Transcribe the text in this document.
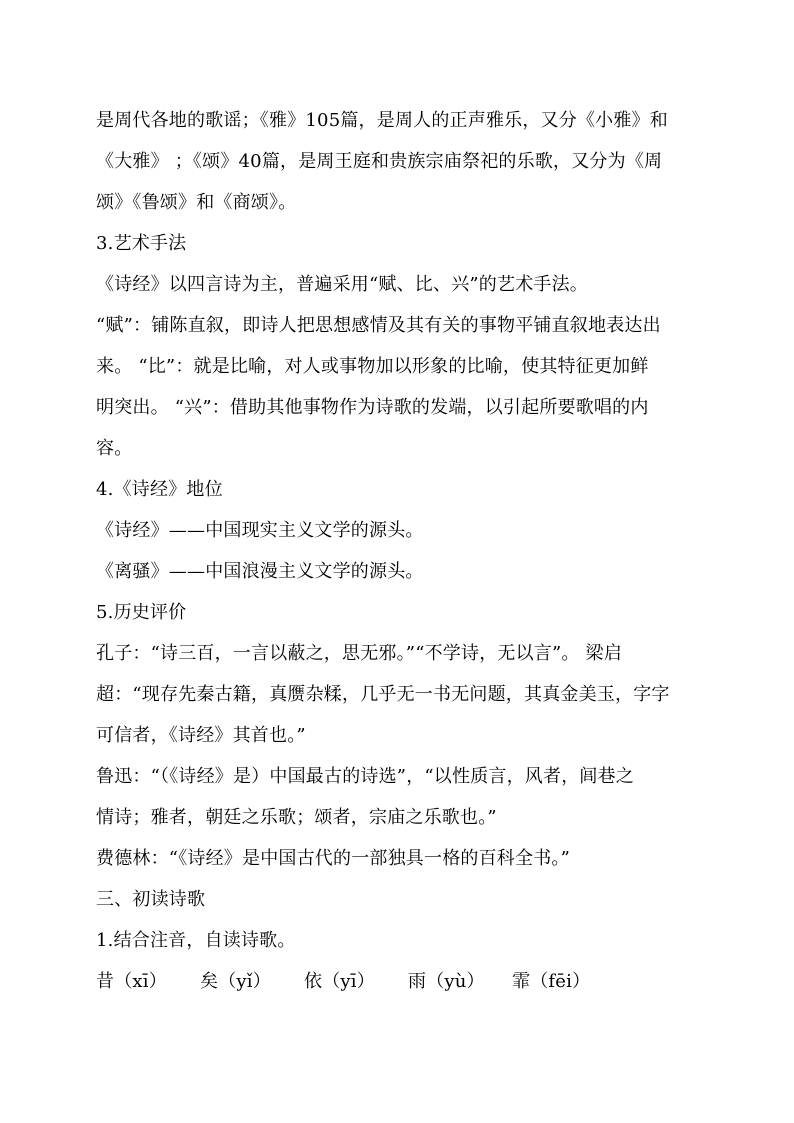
是周代各地的歌谣；《雅》105篇，是周人的正声雅乐，又分《小雅》和
《大雅》 ；《颂》40篇，是周王庭和贵族宗庙祭祀的乐歌，又分为《周
颂》《鲁颂》和《商颂》。
3.艺术手法
《诗经》以四言诗为主，普遍采用“赋、比、兴”的艺术手法。
“赋”：铺陈直叙，即诗人把思想感情及其有关的事物平铺直叙地表达出
来。 “比”：就是比喻，对人或事物加以形象的比喻，使其特征更加鲜
明突出。 “兴”：借助其他事物作为诗歌的发端，以引起所要歌唱的内
容。
4.《诗经》地位
《诗经》——中国现实主义文学的源头。
《离骚》——中国浪漫主义文学的源头。
5.历史评价
孔子：“诗三百，一言以蔽之，思无邪。”“不学诗，无以言”。 梁启
超：“现存先秦古籍，真赝杂糅，几乎无一书无问题，其真金美玉，字字
可信者，《诗经》其首也。”
鲁迅：“（《诗经》是）中国最古的诗选”，“以性质言，风者，闾巷之
情诗；雅者，朝廷之乐歌；颂者，宗庙之乐歌也。”
费德林：“《诗经》是中国古代的一部独具一格的百科全书。”
三、初读诗歌
1.结合注音，自读诗歌。
昔（xī）	矣（yǐ）	依（yī）	雨（yù）	霏（fēi）
